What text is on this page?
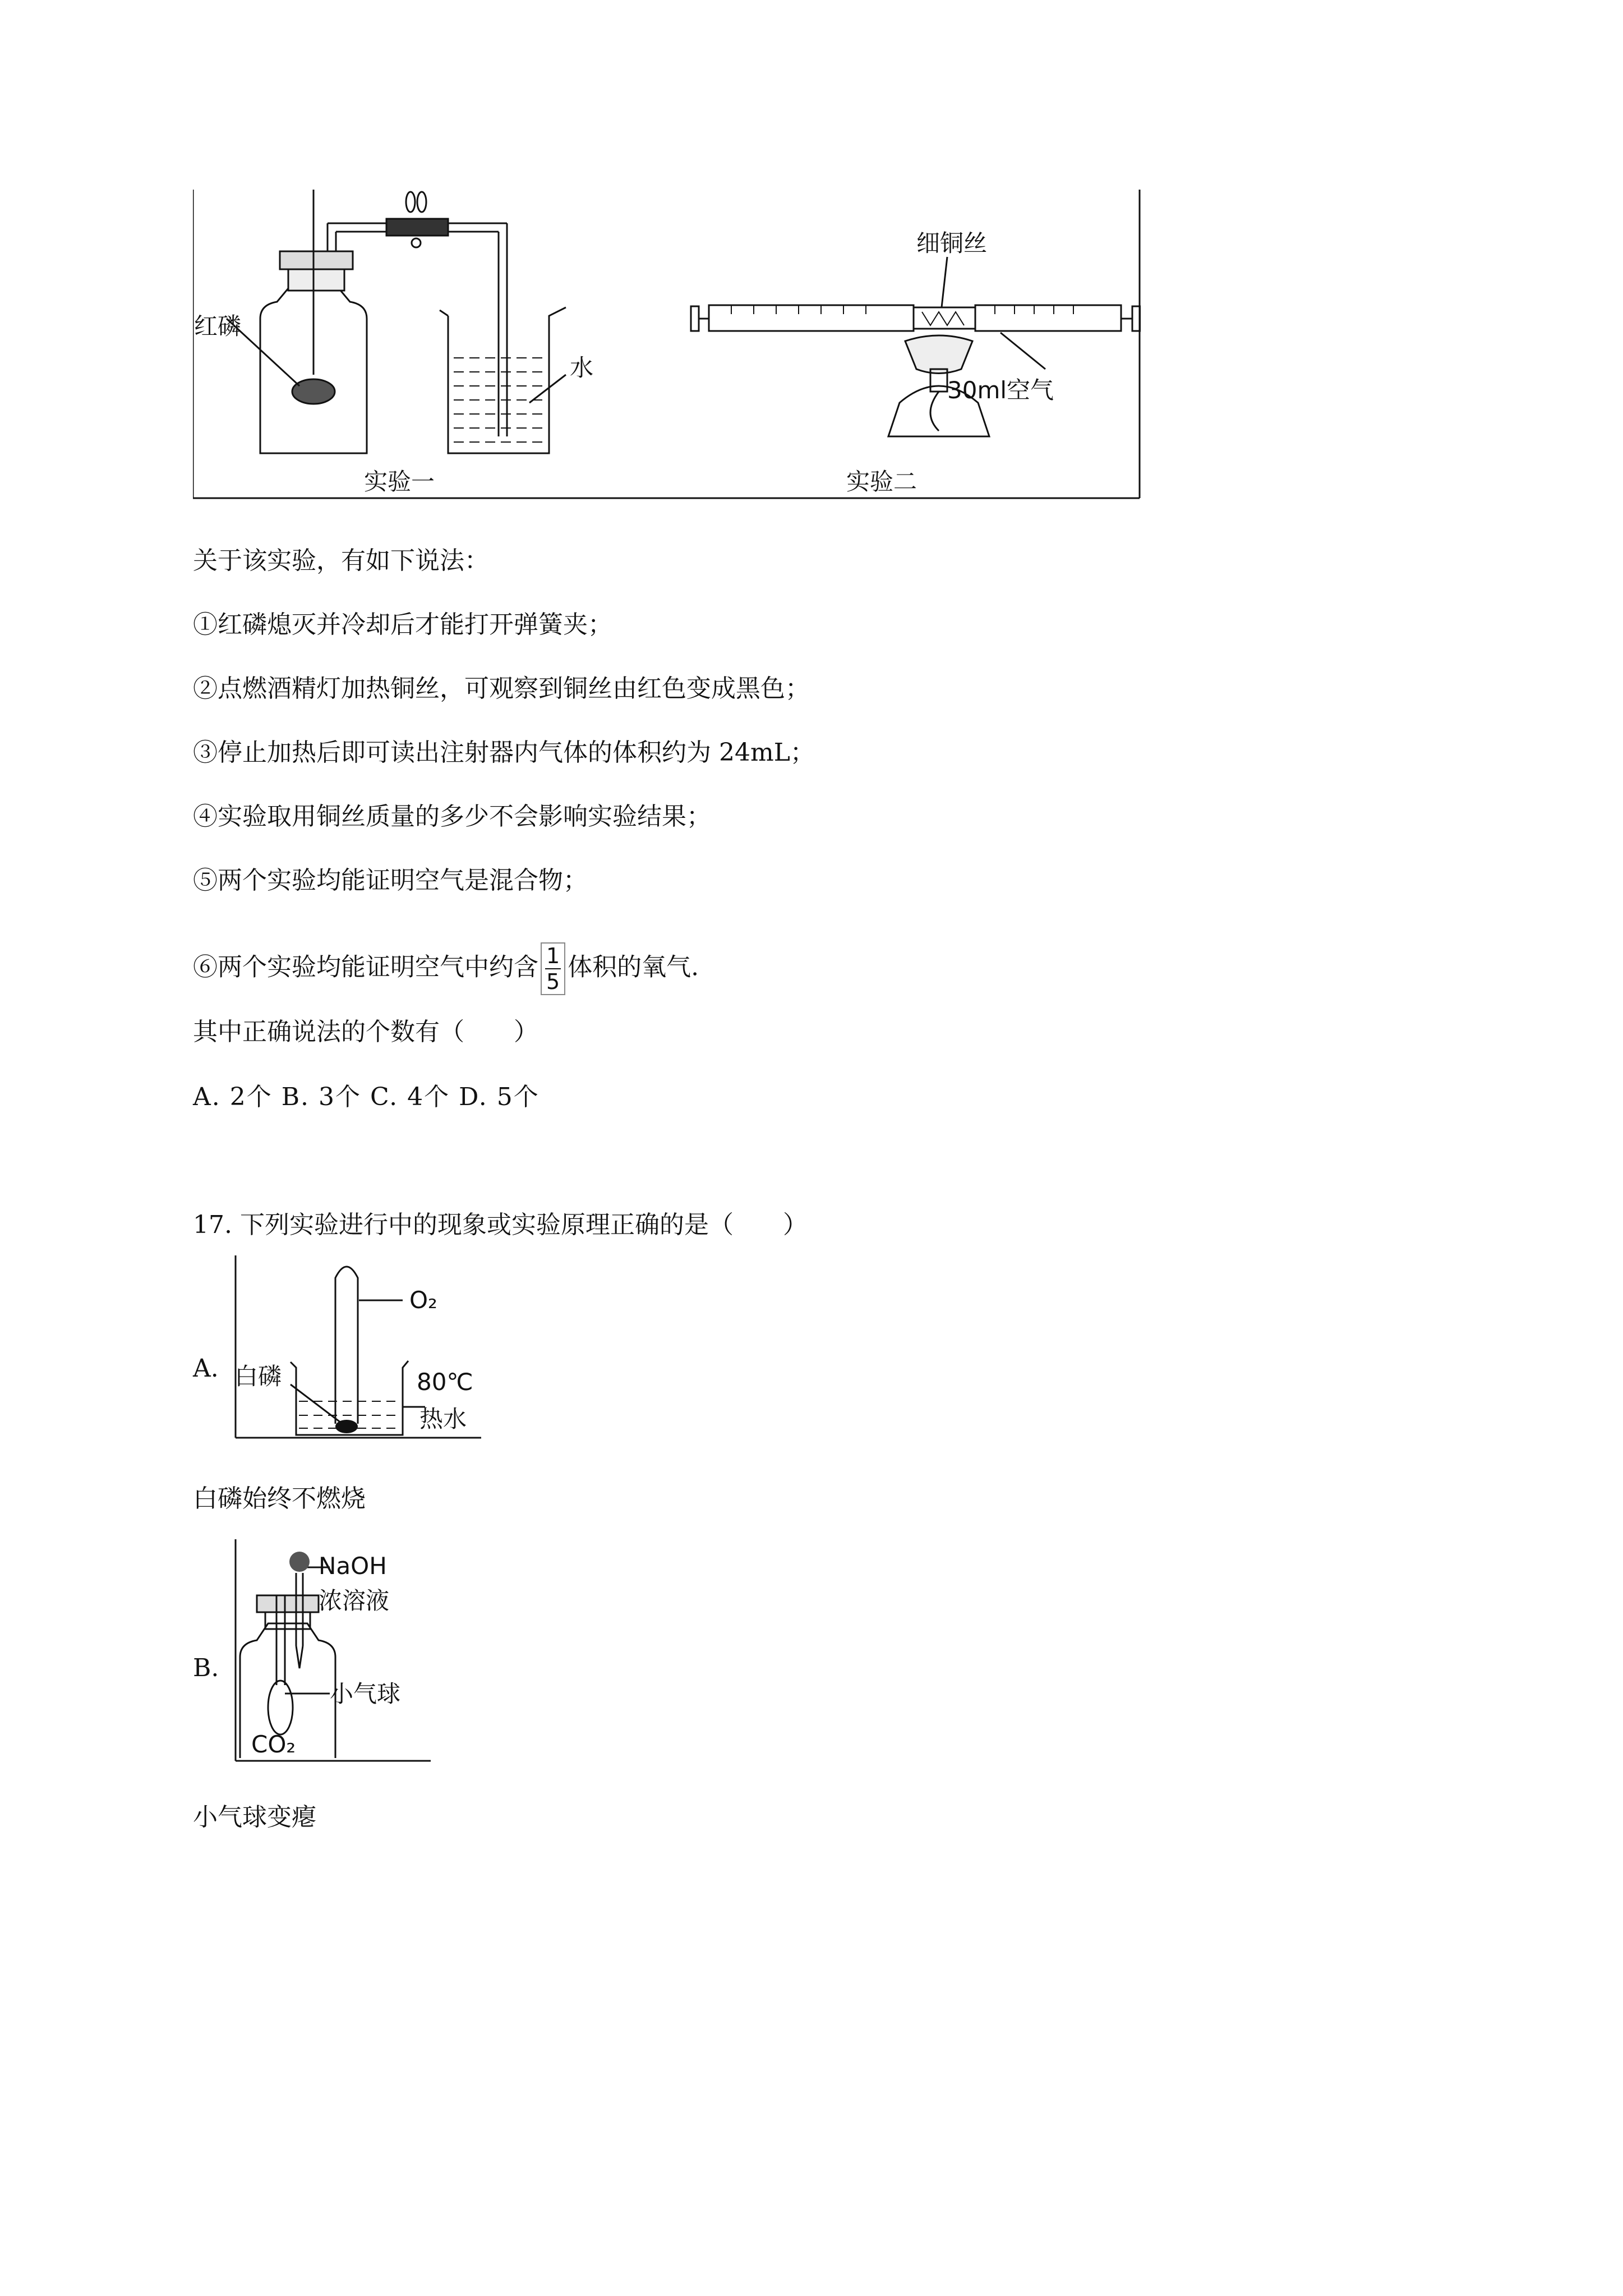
红磷
水
实验一
细铜丝
30ml空气
实验二
关于该实验，有如下说法：
①红磷熄灭并冷却后才能打开弹簧夹；
②点燃酒精灯加热铜丝，可观察到铜丝由红色变成黑色；
③停止加热后即可读出注射器内气体的体积约为 24mL；
④实验取用铜丝质量的多少不会影响实验结果；
⑤两个实验均能证明空气是混合物；
⑥两个实验均能证明空气中约含 $\frac{1}{5}$ 体积的氧气.
其中正确说法的个数有（　　）
A. 2个 B. 3个 C. 4个 D. 5个
17. 下列实验进行中的现象或实验原理正确的是（　　）
A.
O₂
白磷	80℃
热水
白磷始终不燃烧
B.
NaOH
浓溶液
小气球
CO₂
小气球变瘪
